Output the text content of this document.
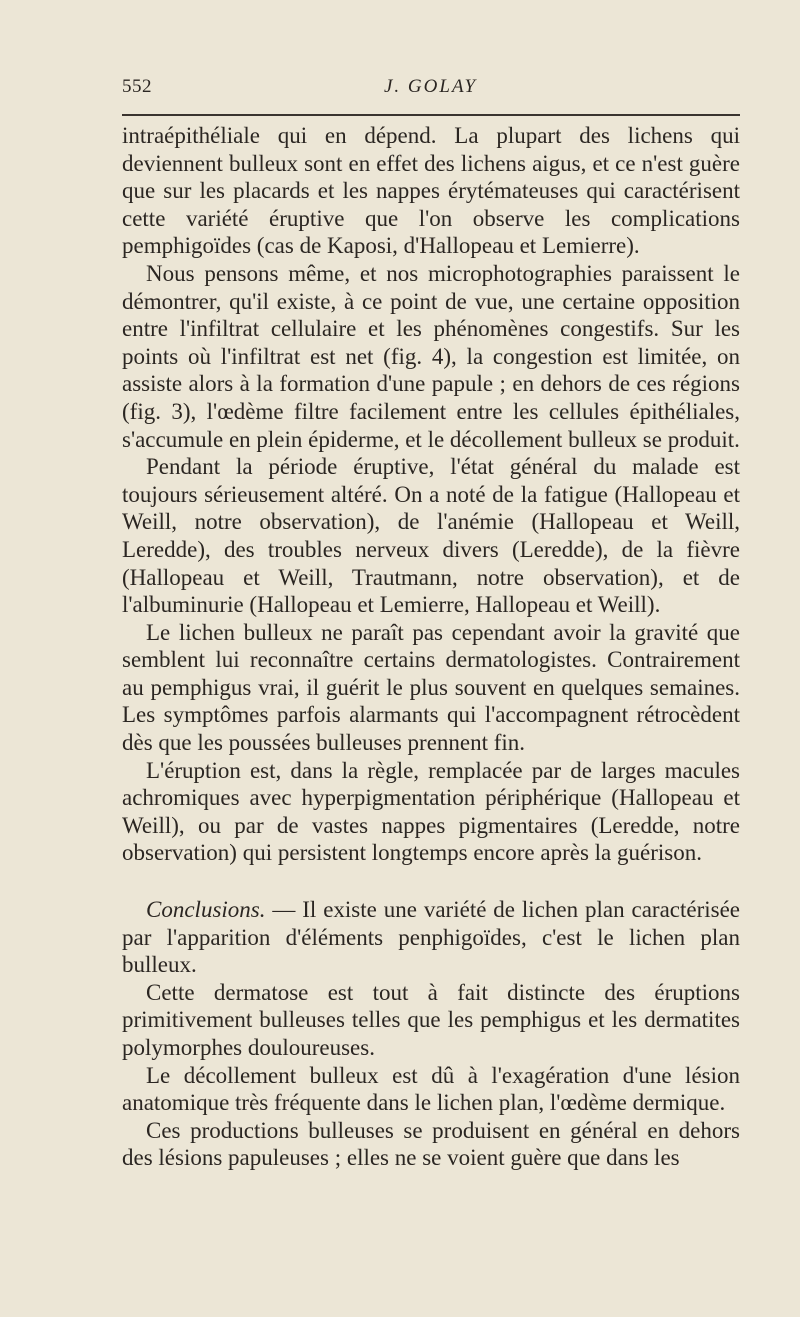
552	J. GOLAY

intraépithéliale qui en dépend. La plupart des lichens qui deviennent bulleux sont en effet des lichens aigus, et ce n'est guère que sur les placards et les nappes érytémateuses qui caractérisent cette variété éruptive que l'on observe les complications pemphigoïdes (cas de Kaposi, d'Hallopeau et Lemierre).

Nous pensons même, et nos microphotographies paraissent le démontrer, qu'il existe, à ce point de vue, une certaine opposition entre l'infiltrat cellulaire et les phénomènes congestifs. Sur les points où l'infiltrat est net (fig. 4), la congestion est limitée, on assiste alors à la formation d'une papule ; en dehors de ces régions (fig. 3), l'œdème filtre facilement entre les cellules épithéliales, s'accumule en plein épiderme, et le décollement bulleux se produit.

Pendant la période éruptive, l'état général du malade est toujours sérieusement altéré. On a noté de la fatigue (Hallopeau et Weill, notre observation), de l'anémie (Hallopeau et Weill, Leredde), des troubles nerveux divers (Leredde), de la fièvre (Hallopeau et Weill, Trautmann, notre observation), et de l'albuminurie (Hallopeau et Lemierre, Hallopeau et Weill).

Le lichen bulleux ne paraît pas cependant avoir la gravité que semblent lui reconnaître certains dermatologistes. Contrairement au pemphigus vrai, il guérit le plus souvent en quelques semaines. Les symptômes parfois alarmants qui l'accompagnent rétrocèdent dès que les poussées bulleuses prennent fin.

L'éruption est, dans la règle, remplacée par de larges macules achromiques avec hyperpigmentation périphérique (Hallopeau et Weill), ou par de vastes nappes pigmentaires (Leredde, notre observation) qui persistent longtemps encore après la guérison.

Conclusions. — Il existe une variété de lichen plan caractérisée par l'apparition d'éléments penphigoïdes, c'est le lichen plan bulleux.

Cette dermatose est tout à fait distincte des éruptions primitivement bulleuses telles que les pemphigus et les dermatites polymorphes douloureuses.

Le décollement bulleux est dû à l'exagération d'une lésion anatomique très fréquente dans le lichen plan, l'œdème dermique.

Ces productions bulleuses se produisent en général en dehors des lésions papuleuses ; elles ne se voient guère que dans les
